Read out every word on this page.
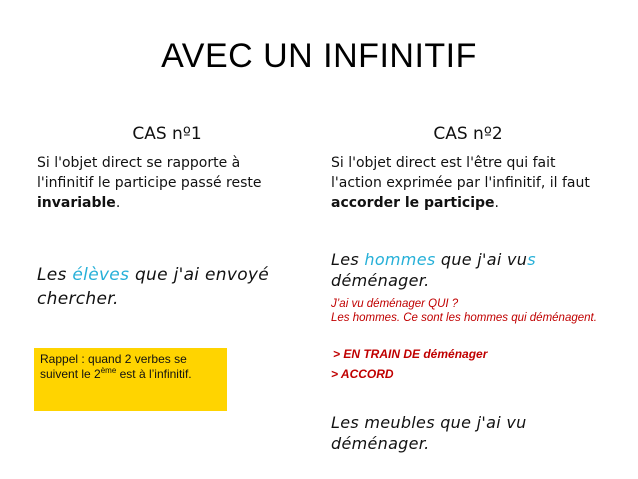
AVEC UN INFINITIF
CAS nº1
Si l'objet direct se rapporte à l'infinitif le participe passé reste invariable.
Les élèves que j'ai envoyé chercher.
Rappel : quand 2 verbes se suivent le 2ème est à l’infinitif.
CAS nº2
Si l'objet direct est l'être qui fait l'action exprimée par l'infinitif, il faut accorder le participe.
Les hommes que j'ai vus déménager.
J’ai vu déménager QUI ?
Les hommes. Ce sont les hommes qui déménagent.
> EN TRAIN DE déménager
> ACCORD
Les meubles que j'ai vu déménager.
